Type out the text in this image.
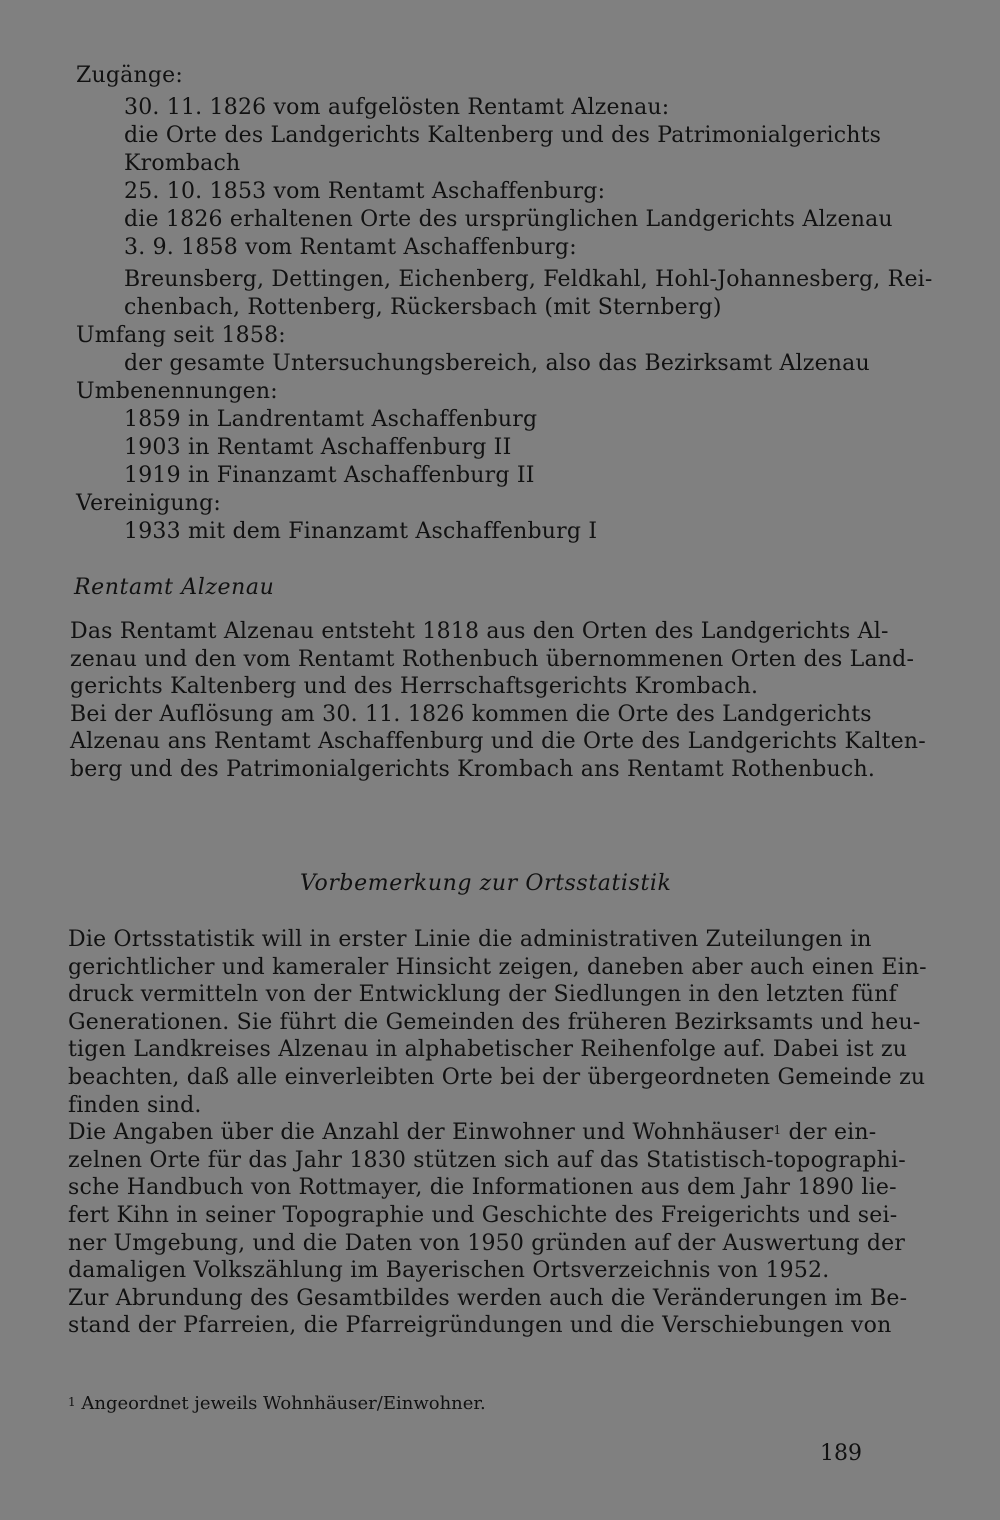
Zugänge:
30. 11. 1826 vom aufgelösten Rentamt Alzenau:
die Orte des Landgerichts Kaltenberg und des Patrimonialgerichts
Krombach
25. 10. 1853 vom Rentamt Aschaffenburg:
die 1826 erhaltenen Orte des ursprünglichen Landgerichts Alzenau
3. 9. 1858 vom Rentamt Aschaffenburg:
Breunsberg, Dettingen, Eichenberg, Feldkahl, Hohl-Johannesberg, Rei-
chenbach, Rottenberg, Rückersbach (mit Sternberg)
Umfang seit 1858:
der gesamte Untersuchungsbereich, also das Bezirksamt Alzenau
Umbenennungen:
1859 in Landrentamt Aschaffenburg
1903 in Rentamt Aschaffenburg II
1919 in Finanzamt Aschaffenburg II
Vereinigung:
1933 mit dem Finanzamt Aschaffenburg I
Rentamt Alzenau
Das Rentamt Alzenau entsteht 1818 aus den Orten des Landgerichts Al-
zenau und den vom Rentamt Rothenbuch übernommenen Orten des Land-
gerichts Kaltenberg und des Herrschaftsgerichts Krombach.
Bei der Auflösung am 30. 11. 1826 kommen die Orte des Landgerichts
Alzenau ans Rentamt Aschaffenburg und die Orte des Landgerichts Kalten-
berg und des Patrimonialgerichts Krombach ans Rentamt Rothenbuch.
Vorbemerkung zur Ortsstatistik
Die Ortsstatistik will in erster Linie die administrativen Zuteilungen in
gerichtlicher und kameraler Hinsicht zeigen, daneben aber auch einen Ein-
druck vermitteln von der Entwicklung der Siedlungen in den letzten fünf
Generationen. Sie führt die Gemeinden des früheren Bezirksamts und heu-
tigen Landkreises Alzenau in alphabetischer Reihenfolge auf. Dabei ist zu
beachten, daß alle einverleibten Orte bei der übergeordneten Gemeinde zu
finden sind.
Die Angaben über die Anzahl der Einwohner und Wohnhäuser$^1$ der ein-
zelnen Orte für das Jahr 1830 stützen sich auf das Statistisch-topographi-
sche Handbuch von Rottmayer, die Informationen aus dem Jahr 1890 lie-
fert Kihn in seiner Topographie und Geschichte des Freigerichts und sei-
ner Umgebung, und die Daten von 1950 gründen auf der Auswertung der
damaligen Volkszählung im Bayerischen Ortsverzeichnis von 1952.
Zur Abrundung des Gesamtbildes werden auch die Veränderungen im Be-
stand der Pfarreien, die Pfarreigründungen und die Verschiebungen von
$^1$ Angeordnet jeweils Wohnhäuser/Einwohner.
189
